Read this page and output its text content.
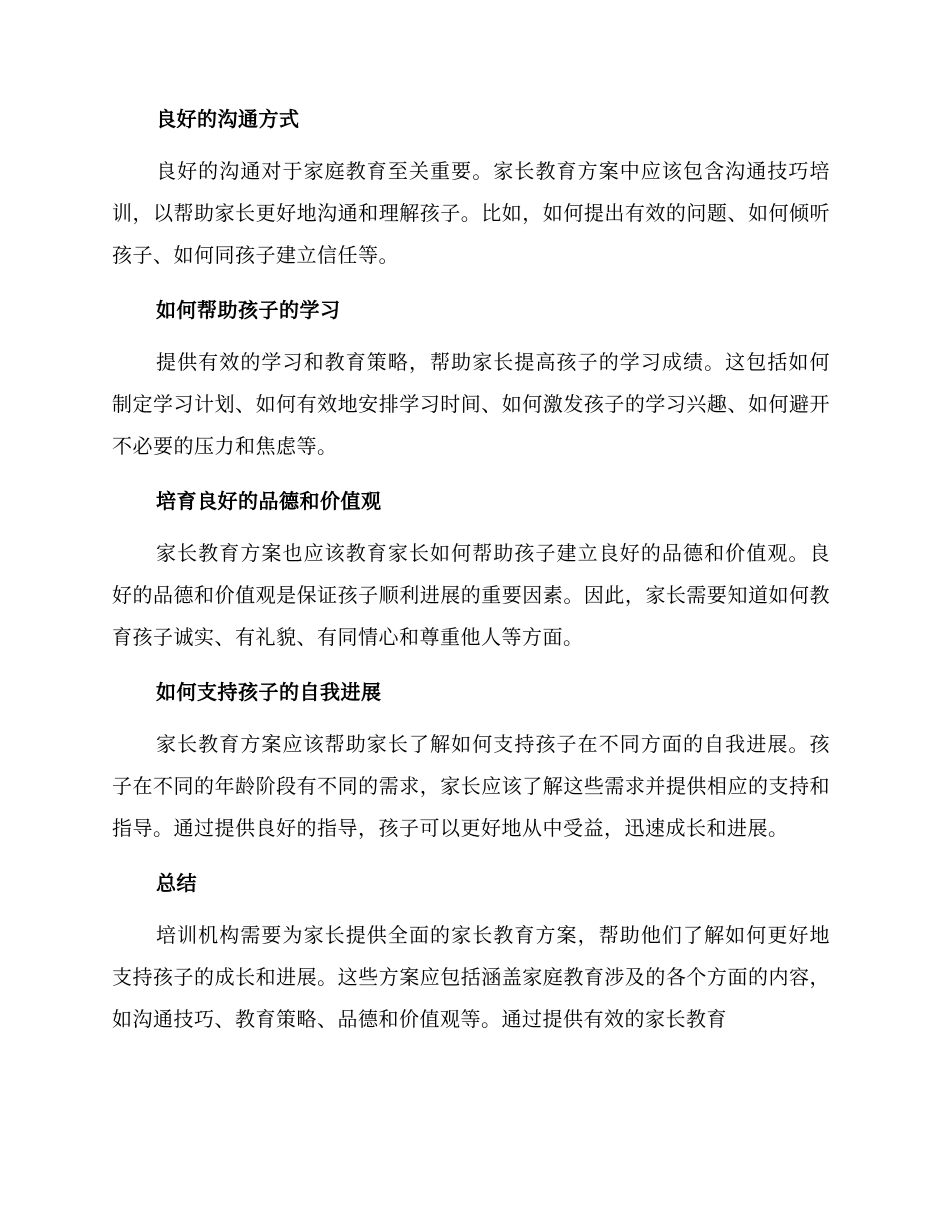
良好的沟通方式
良好的沟通对于家庭教育至关重要。家长教育方案中应该包含沟通技巧培训，以帮助家长更好地沟通和理解孩子。比如，如何提出有效的问题、如何倾听孩子、如何同孩子建立信任等。
如何帮助孩子的学习
提供有效的学习和教育策略，帮助家长提高孩子的学习成绩。这包括如何制定学习计划、如何有效地安排学习时间、如何激发孩子的学习兴趣、如何避开不必要的压力和焦虑等。
培育良好的品德和价值观
家长教育方案也应该教育家长如何帮助孩子建立良好的品德和价值观。良好的品德和价值观是保证孩子顺利进展的重要因素。因此，家长需要知道如何教育孩子诚实、有礼貌、有同情心和尊重他人等方面。
如何支持孩子的自我进展
家长教育方案应该帮助家长了解如何支持孩子在不同方面的自我进展。孩子在不同的年龄阶段有不同的需求，家长应该了解这些需求并提供相应的支持和指导。通过提供良好的指导，孩子可以更好地从中受益，迅速成长和进展。
总结
培训机构需要为家长提供全面的家长教育方案，帮助他们了解如何更好地支持孩子的成长和进展。这些方案应包括涵盖家庭教育涉及的各个方面的内容，如沟通技巧、教育策略、品德和价值观等。通过提供有效的家长教育
